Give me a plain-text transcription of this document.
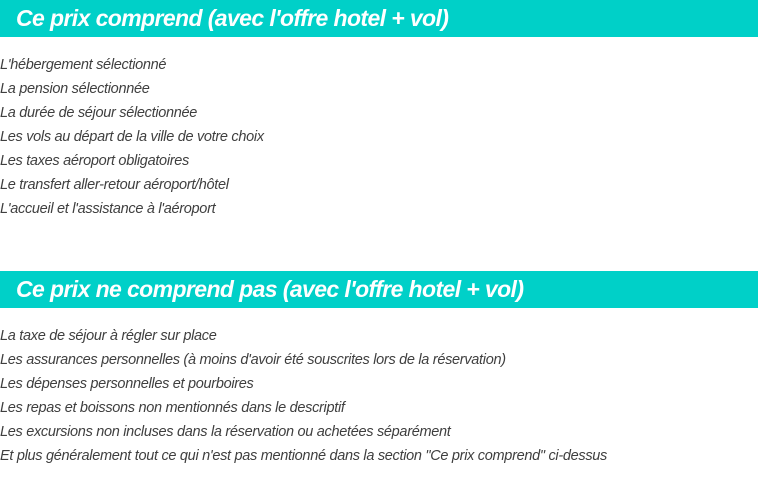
Ce prix comprend (avec l'offre hotel + vol)
L'hébergement sélectionné
La pension sélectionnée
La durée de séjour sélectionnée
Les vols au départ de la ville de votre choix
Les taxes aéroport obligatoires
Le transfert aller-retour aéroport/hôtel
L'accueil et l'assistance à l'aéroport
Ce prix ne comprend pas (avec l'offre hotel + vol)
La taxe de séjour à régler sur place
Les assurances personnelles (à moins d'avoir été souscrites lors de la réservation)
Les dépenses personnelles et pourboires
Les repas et boissons non mentionnés dans le descriptif
Les excursions non incluses dans la réservation ou achetées séparément
Et plus généralement tout ce qui n'est pas mentionné dans la section "Ce prix comprend" ci-dessus
